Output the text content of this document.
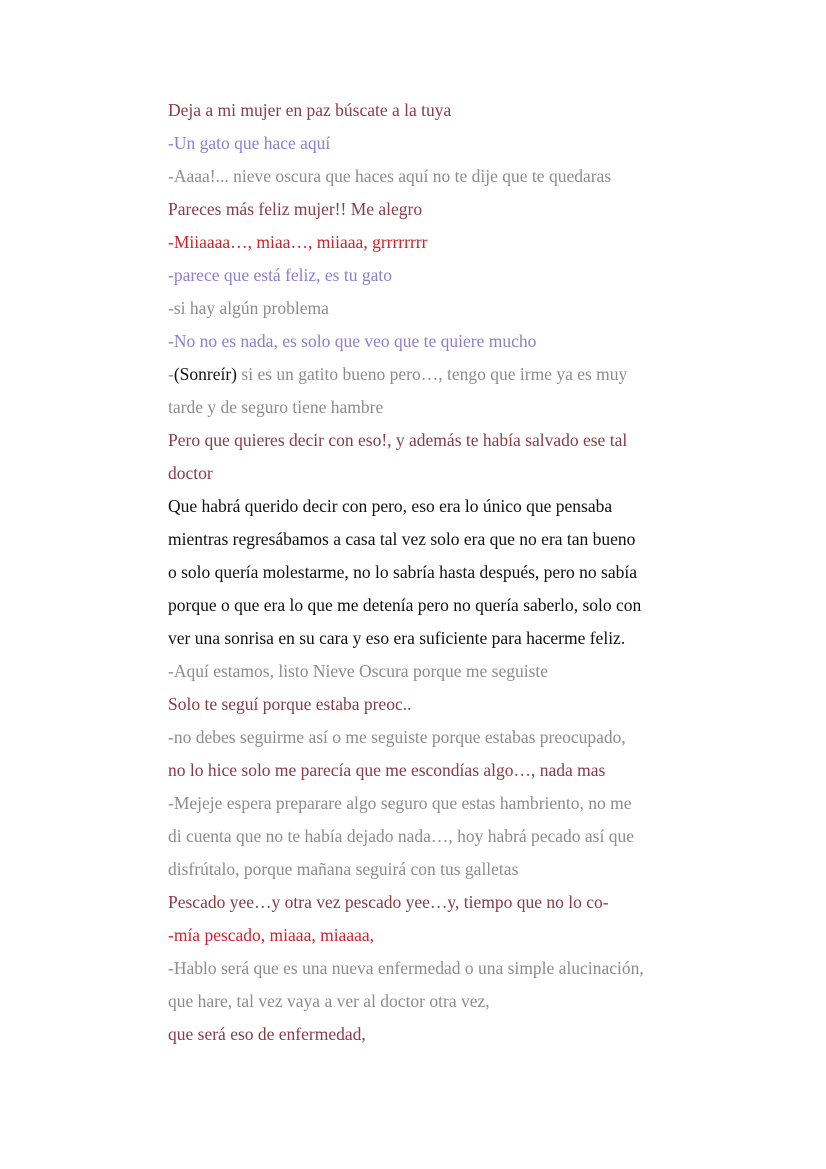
Deja a mi mujer en paz búscate a la tuya
-Un gato que hace aquí
-Aaaa!... nieve oscura que haces aquí no te dije que te quedaras
Pareces más feliz mujer!! Me alegro
-Miiaaaa…, miaa…, miiaaa, grrrrrrrr
-parece que está feliz, es tu gato
-si hay algún problema
-No no es nada, es solo que veo que te quiere mucho
-(Sonreír) si es un gatito bueno pero…, tengo que irme ya es muy
tarde y de seguro tiene hambre
Pero que quieres decir con eso!, y además te había salvado ese tal
doctor
Que habrá querido decir con pero, eso era lo único que pensaba
mientras regresábamos a casa tal vez solo era que no era tan bueno
o solo quería molestarme, no lo sabría hasta después, pero no sabía
porque o que era lo que me detenía pero no quería saberlo, solo con
ver una sonrisa en su cara y eso era suficiente para hacerme feliz.
-Aquí estamos, listo Nieve Oscura porque me seguiste
Solo te seguí porque estaba preoc..
-no debes seguirme así o me seguiste porque estabas preocupado,
no lo hice solo me parecía que me escondías algo…, nada mas
-Mejeje espera preparare algo seguro que estas hambriento, no me
di cuenta que no te había dejado nada…, hoy habrá pecado así que
disfrútalo, porque mañana seguirá con tus galletas
Pescado yee…y otra vez pescado yee…y, tiempo que no lo co-
-mía pescado, miaaa, miaaaa,
-Hablo será que es una nueva enfermedad o una simple alucinación,
que hare, tal vez vaya a ver al doctor otra vez,
que será eso de enfermedad,
